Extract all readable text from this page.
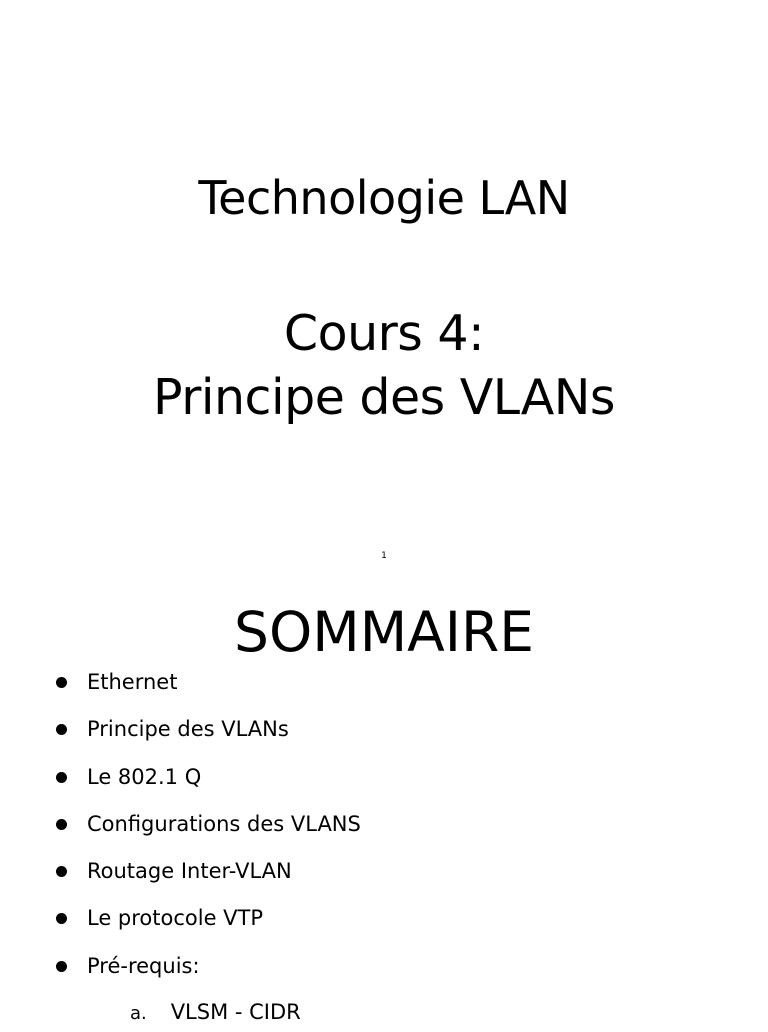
Technologie LAN
Cours 4:
Principe des VLANs
1
SOMMAIRE
Ethernet
Principe des VLANs
Le 802.1 Q
Configurations des VLANS
Routage Inter-VLAN
Le protocole VTP
Pré-requis:
a. VLSM - CIDR
